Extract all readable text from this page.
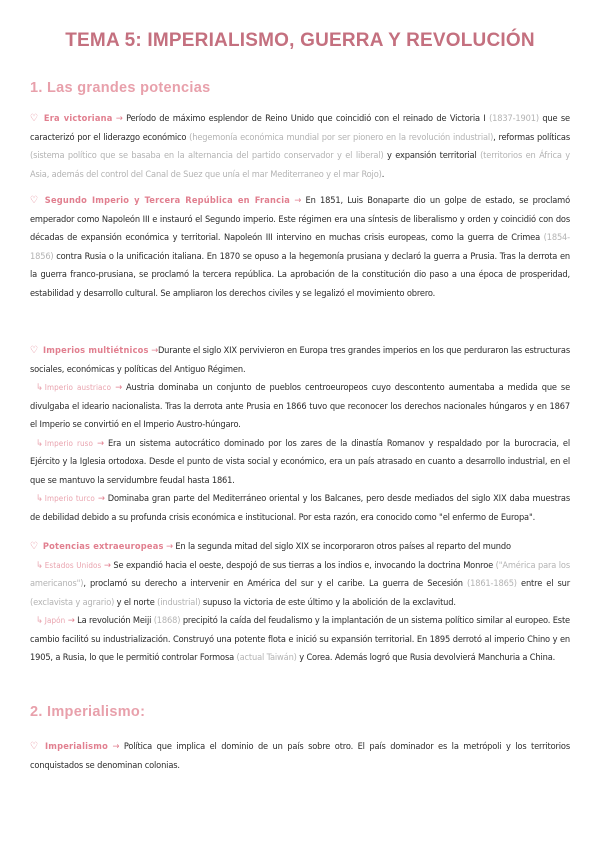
TEMA 5: IMPERIALISMO, GUERRA Y REVOLUCIÓN
1. Las grandes potencias

♡ Era victoriana → Período de máximo esplendor de Reino Unido que coincidió con el reinado de Victoria I (1837-1901) que se caracterizó por el liderazgo económico (hegemonía económica mundial por ser pionero en la revolución industrial), reformas políticas (sistema político que se basaba en la alternancia del partido conservador y el liberal) y expansión territorial (territorios en África y Asia, además del control del Canal de Suez que unía el mar Mediterraneo y el mar Rojo).

♡ Segundo Imperio y Tercera República en Francia → En 1851, Luis Bonaparte dio un golpe de estado, se proclamó emperador como Napoleón III e instauró el Segundo imperio. Este régimen era una síntesis de liberalismo y orden y coincidió con dos décadas de expansión económica y territorial. Napoleón III intervino en muchas crisis europeas, como la guerra de Crimea (1854-1856) contra Rusia o la unificación italiana. En 1870 se opuso a la hegemonía prusiana y declaró la guerra a Prusia. Tras la derrota en la guerra franco-prusiana, se proclamó la tercera república. La aprobación de la constitución dio paso a una época de prosperidad, estabilidad y desarrollo cultural. Se ampliaron los derechos civiles y se legalizó el movimiento obrero.

♡ Imperios multiétnicos →Durante el siglo XIX pervivieron en Europa tres grandes imperios en los que perduraron las estructuras sociales, económicas y políticas del Antiguo Régimen.

↳ Imperio austriaco → Austria dominaba un conjunto de pueblos centroeuropeos cuyo descontento aumentaba a medida que se divulgaba el ideario nacionalista. Tras la derrota ante Prusia en 1866 tuvo que reconocer los derechos nacionales húngaros y en 1867 el Imperio se convirtió en el Imperio Austro-húngaro.

↳ Imperio ruso → Era un sistema autocrático dominado por los zares de la dinastía Romanov y respaldado por la burocracia, el Ejército y la Iglesia ortodoxa. Desde el punto de vista social y económico, era un país atrasado en cuanto a desarrollo industrial, en el que se mantuvo la servidumbre feudal hasta 1861.

↳ Imperio turco → Dominaba gran parte del Mediterráneo oriental y los Balcanes, pero desde mediados del siglo XIX daba muestras de debilidad debido a su profunda crisis económica e institucional. Por esta razón, era conocido como "el enfermo de Europa".

♡ Potencias extraeuropeas → En la segunda mitad del siglo XIX se incorporaron otros países al reparto del mundo

↳ Estados Unidos → Se expandió hacia el oeste, despojó de sus tierras a los indios e, invocando la doctrina Monroe ("América para los americanos"), proclamó su derecho a intervenir en América del sur y el caribe. La guerra de Secesión (1861-1865) entre el sur (exclavista y agrario) y el norte (industrial) supuso la victoria de este último y la abolición de la exclavitud.

↳ Japón → La revolución Meiji (1868) precipitó la caída del feudalismo y la implantación de un sistema político similar al europeo. Este cambio facilitó su industrialización. Construyó una potente flota e inició su expansión territorial. En 1895 derrotó al imperio Chino y en 1905, a Rusia, lo que le permitió controlar Formosa (actual Taiwán) y Corea. Además logró que Rusia devolvierá Manchuria a China.

2. Imperialismo:

♡ Imperialismo → Política que implica el dominio de un país sobre otro. El país dominador es la metrópoli y los territorios conquistados se denominan colonias.
